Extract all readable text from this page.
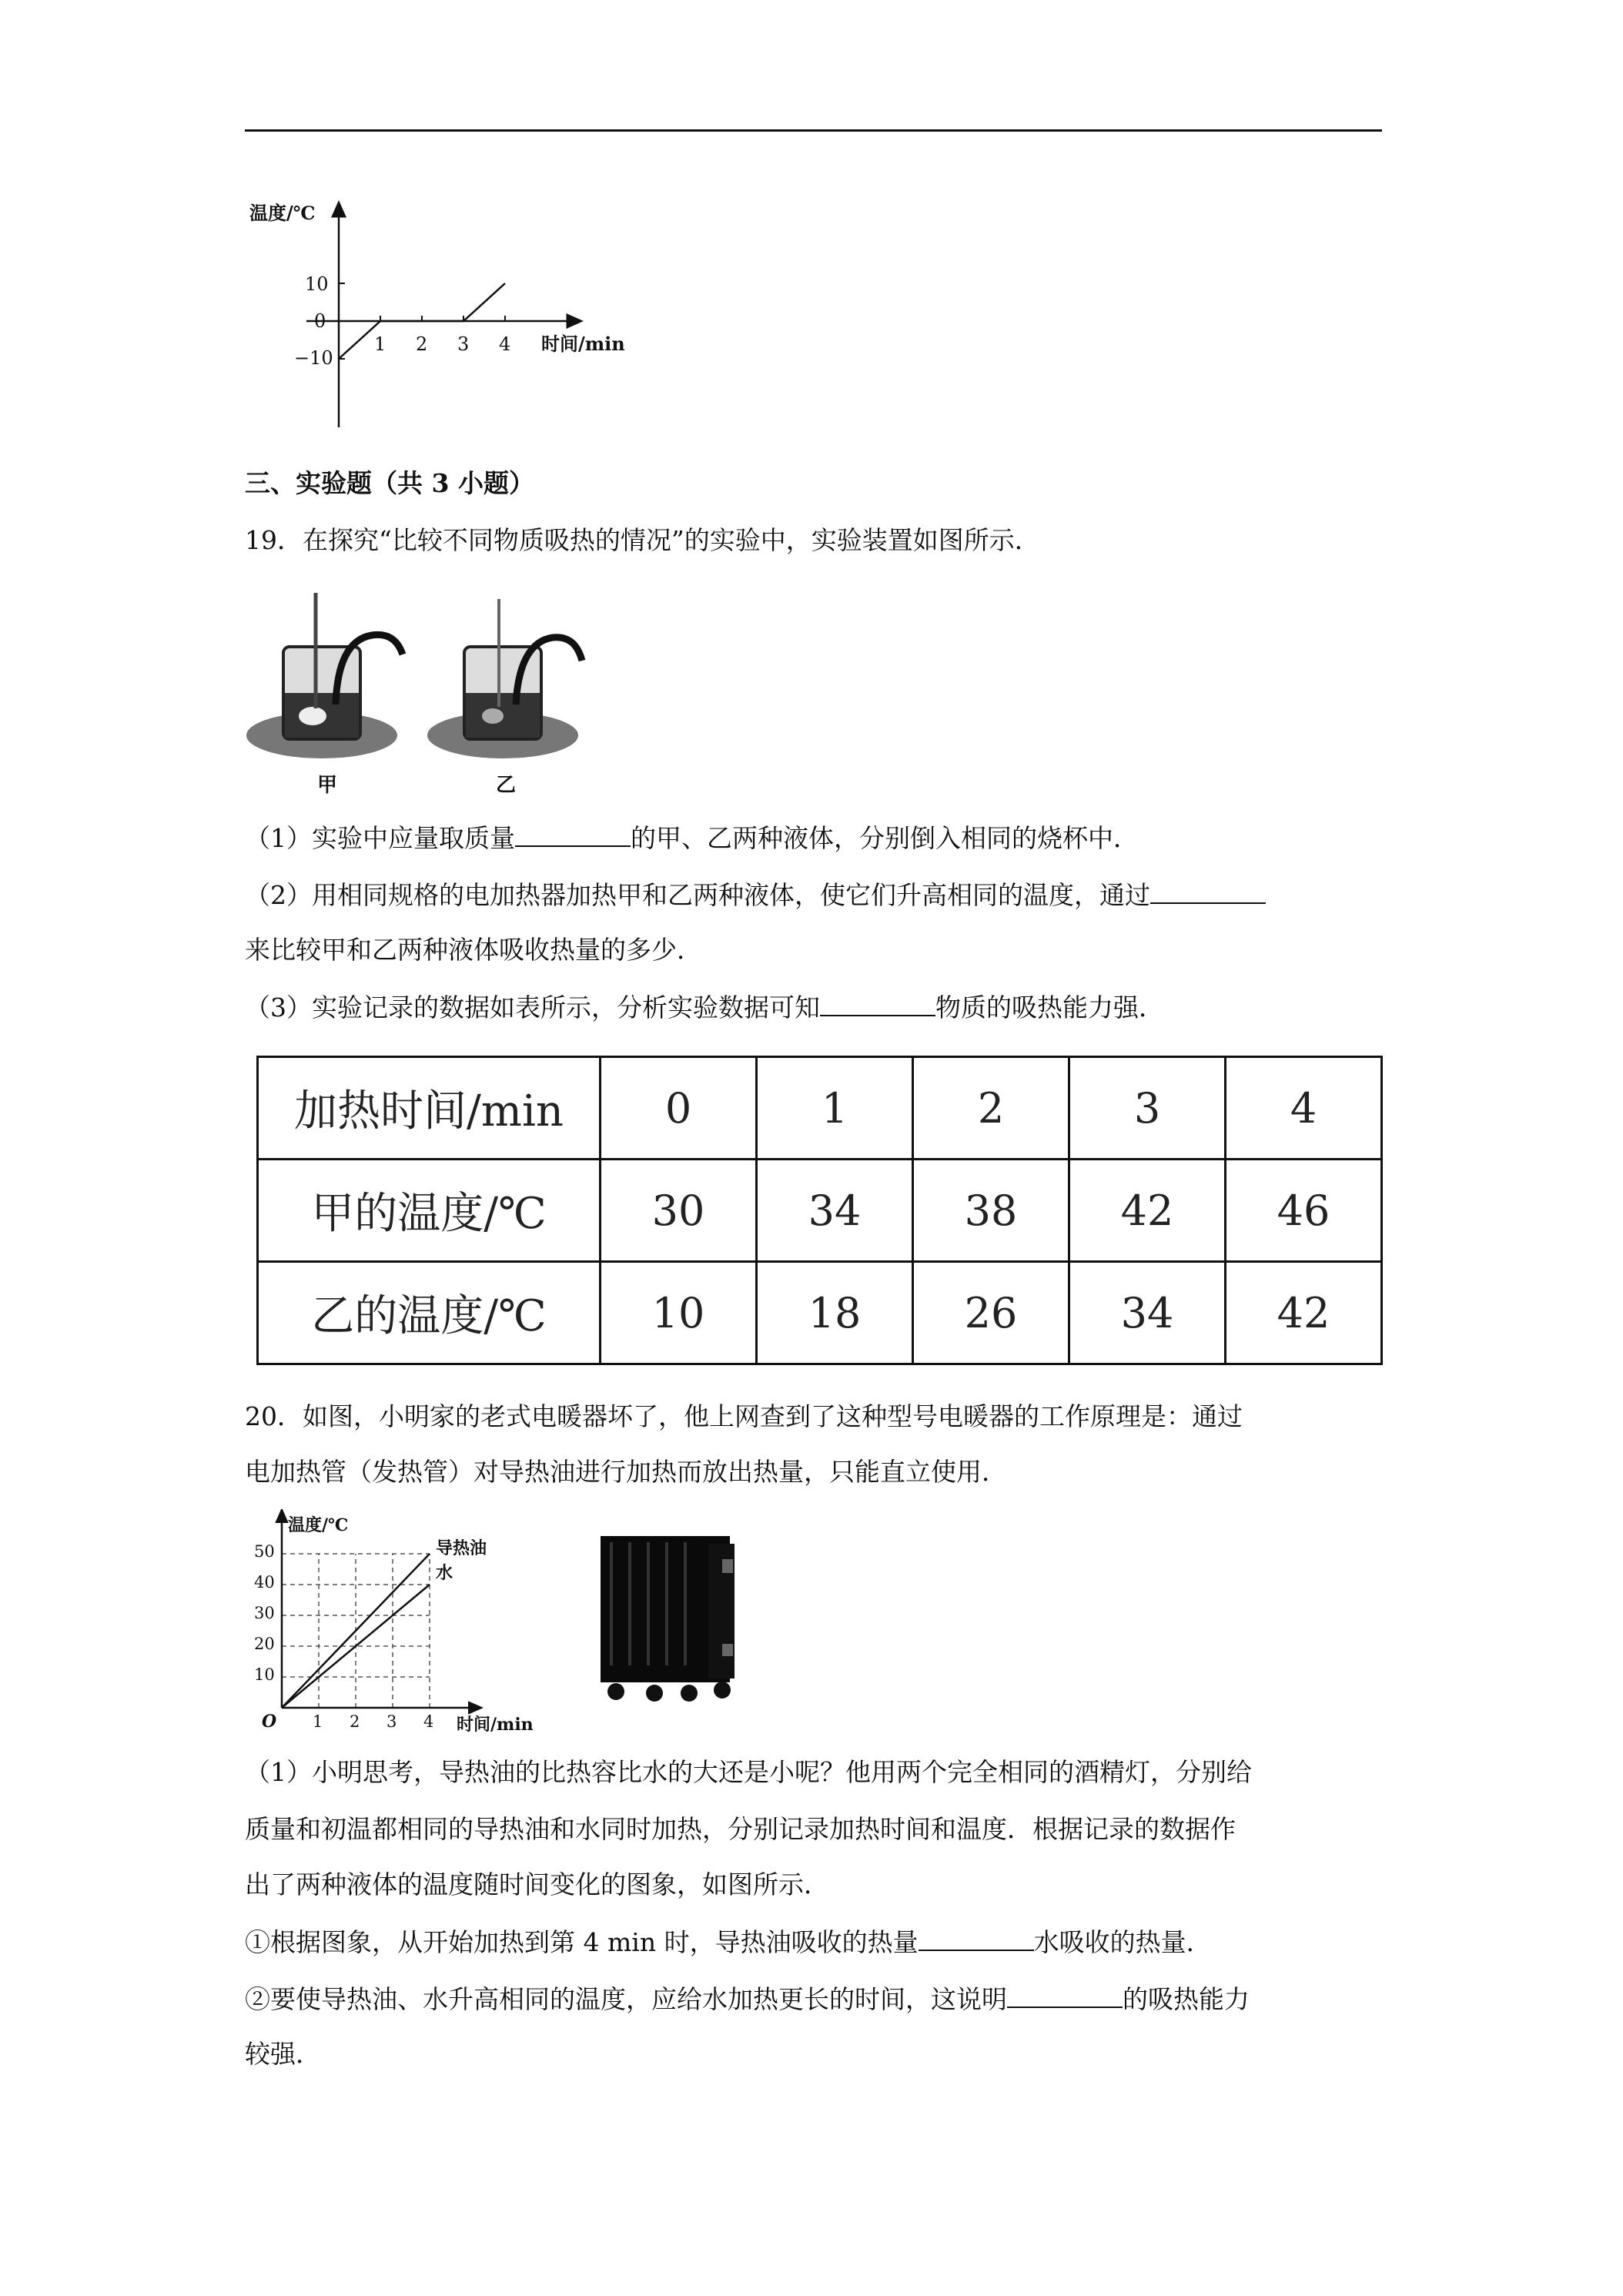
温度/℃
时间/min
10
0
−10
1 2 3 4
三、实验题（共 3 小题）
19．在探究“比较不同物质吸热的情况”的实验中，实验装置如图所示．
甲	乙
（1）实验中应量取质量	的甲、乙两种液体，分别倒入相同的烧杯中．
（2）用相同规格的电加热器加热甲和乙两种液体，使它们升高相同的温度，通过
来比较甲和乙两种液体吸收热量的多少．
（3）实验记录的数据如表所示，分析实验数据可知	物质的吸热能力强．
加热时间/min	0	1	2	3	4
甲的温度/℃	30	34	38	42	46
乙的温度/℃	10	18	26	34	42
20．如图，小明家的老式电暖器坏了，他上网查到了这种型号电暖器的工作原理是：通过
电加热管（发热管）对导热油进行加热而放出热量，只能直立使用．
温度/℃
时间/min
O
50
40
30
20
10
1 2 3 4
导热油
水
（1）小明思考，导热油的比热容比水的大还是小呢？他用两个完全相同的酒精灯，分别给
质量和初温都相同的导热油和水同时加热，分别记录加热时间和温度．根据记录的数据作
出了两种液体的温度随时间变化的图象，如图所示．
①根据图象，从开始加热到第 4 min 时，导热油吸收的热量	水吸收的热量．
②要使导热油、水升高相同的温度，应给水加热更长的时间，这说明	的吸热能力
较强．
